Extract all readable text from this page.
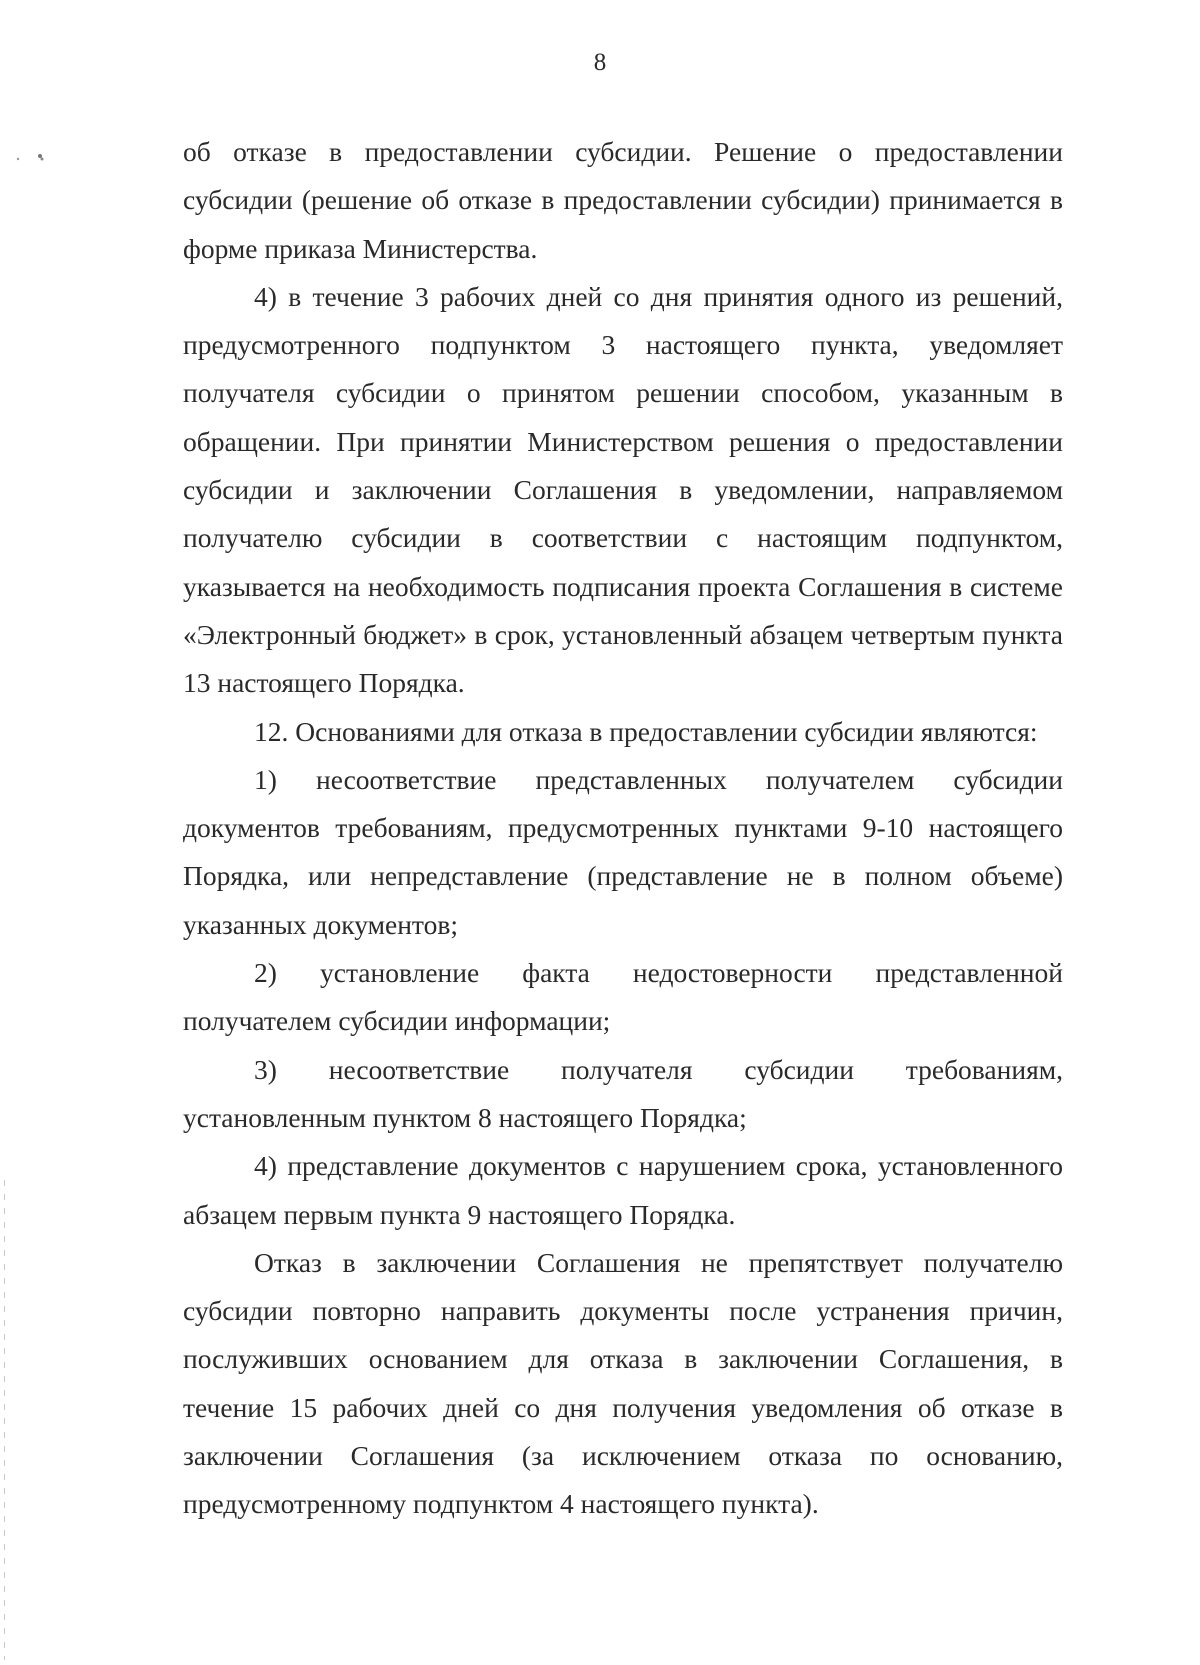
8

об отказе в предоставлении субсидии. Решение о предоставлении субсидии (решение об отказе в предоставлении субсидии) принимается в форме приказа Министерства.

4) в течение 3 рабочих дней со дня принятия одного из решений, предусмотренного подпунктом 3 настоящего пункта, уведомляет получателя субсидии о принятом решении способом, указанным в обращении. При принятии Министерством решения о предоставлении субсидии и заключении Соглашения в уведомлении, направляемом получателю субсидии в соответствии с настоящим подпунктом, указывается на необходимость подписания проекта Соглашения в системе «Электронный бюджет» в срок, установленный абзацем четвертым пункта 13 настоящего Порядка.

12. Основаниями для отказа в предоставлении субсидии являются:

1) несоответствие представленных получателем субсидии документов требованиям, предусмотренных пунктами 9-10 настоящего Порядка, или непредставление (представление не в полном объеме) указанных документов;

2) установление факта недостоверности представленной получателем субсидии информации;

3) несоответствие получателя субсидии требованиям, установленным пунктом 8 настоящего Порядка;

4) представление документов с нарушением срока, установленного абзацем первым пункта 9 настоящего Порядка.

Отказ в заключении Соглашения не препятствует получателю субсидии повторно направить документы после устранения причин, послуживших основанием для отказа в заключении Соглашения, в течение 15 рабочих дней со дня получения уведомления об отказе в заключении Соглашения (за исключением отказа по основанию, предусмотренному подпунктом 4 настоящего пункта).
